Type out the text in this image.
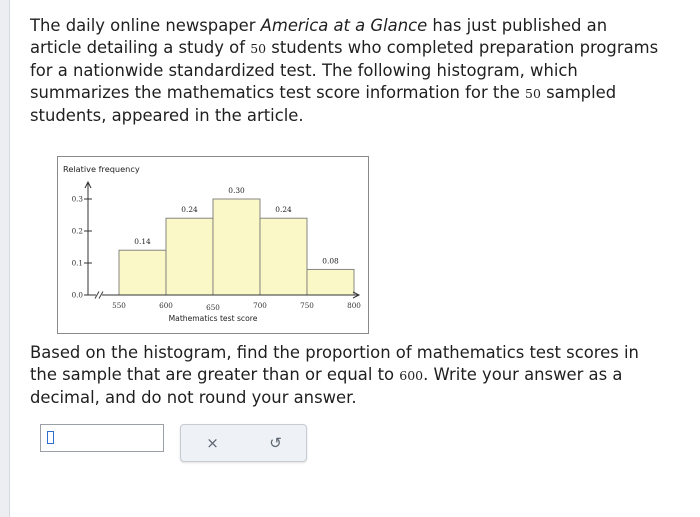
The daily online newspaper America at a Glance has just published an article detailing a study of 50 students who completed preparation programs for a nationwide standardized test. The following histogram, which summarizes the mathematics test score information for the 50 sampled students, appeared in the article.

Relative frequency
0.14
0.24
0.30
0.24
0.08
0.0
0.1
0.2
0.3
550	600	650	700	750	800
Mathematics test score

Based on the histogram, find the proportion of mathematics test scores in the sample that are greater than or equal to 600. Write your answer as a decimal, and do not round your answer.

×	↺
